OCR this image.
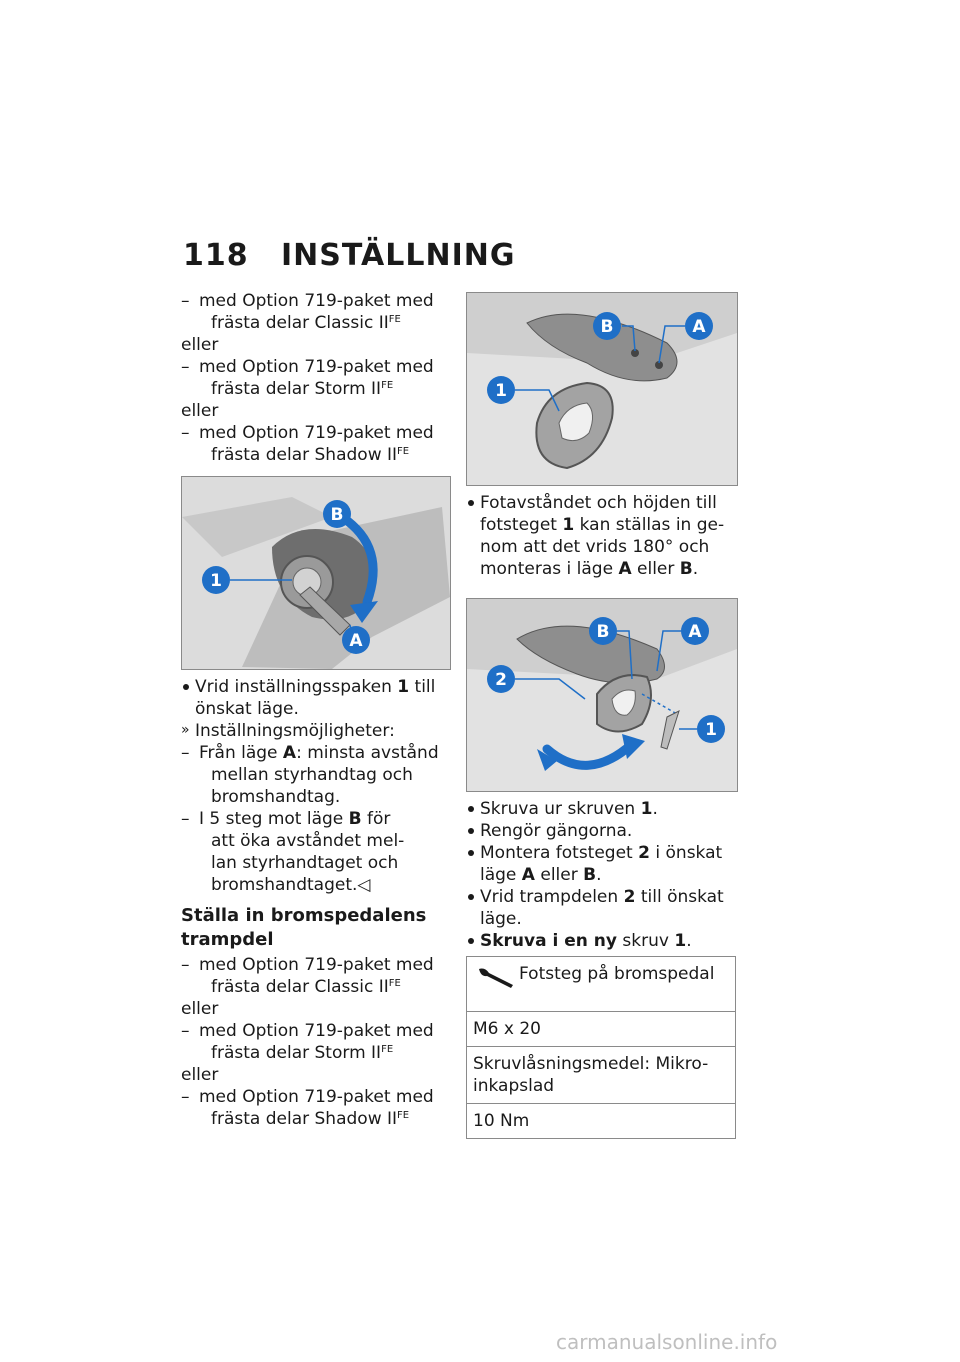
118 INSTÄLLNING
– med Option 719-paket med
frästa delar Classic $II^{FE}$
eller
– med Option 719-paket med
frästa delar Storm $II^{FE}$
eller
– med Option 719-paket med
frästa delar Shadow $II^{FE}$
B
1
A
Vrid inställningsspaken 1 till
önskat läge.
» Inställningsmöjligheter:
– Från läge A: minsta avstånd
mellan styrhandtag och
bromshandtag.
– I 5 steg mot läge B för
att öka avståndet mel-
lan styrhandtaget och
bromshandtaget.◁
Ställa in bromspedalens trampdel
– med Option 719-paket med
frästa delar Classic $II^{FE}$
eller
– med Option 719-paket med
frästa delar Storm $II^{FE}$
eller
– med Option 719-paket med
frästa delar Shadow $II^{FE}$
B	A
1
Fotavståndet och höjden till
fotsteget 1 kan ställas in ge-
nom att det vrids 180° och
monteras i läge A eller B.
B	A
2
1
Skruva ur skruven 1.
Rengör gängorna.
Montera fotsteget 2 i önskat
läge A eller B.
Vrid trampdelen 2 till önskat
läge.
Skruva i en ny skruv 1.
Fotsteg på bromspedal

M6 x 20
Skruvlåsningsmedel: Mikro-inkapslad
10 Nm
carmanualsonline.info
